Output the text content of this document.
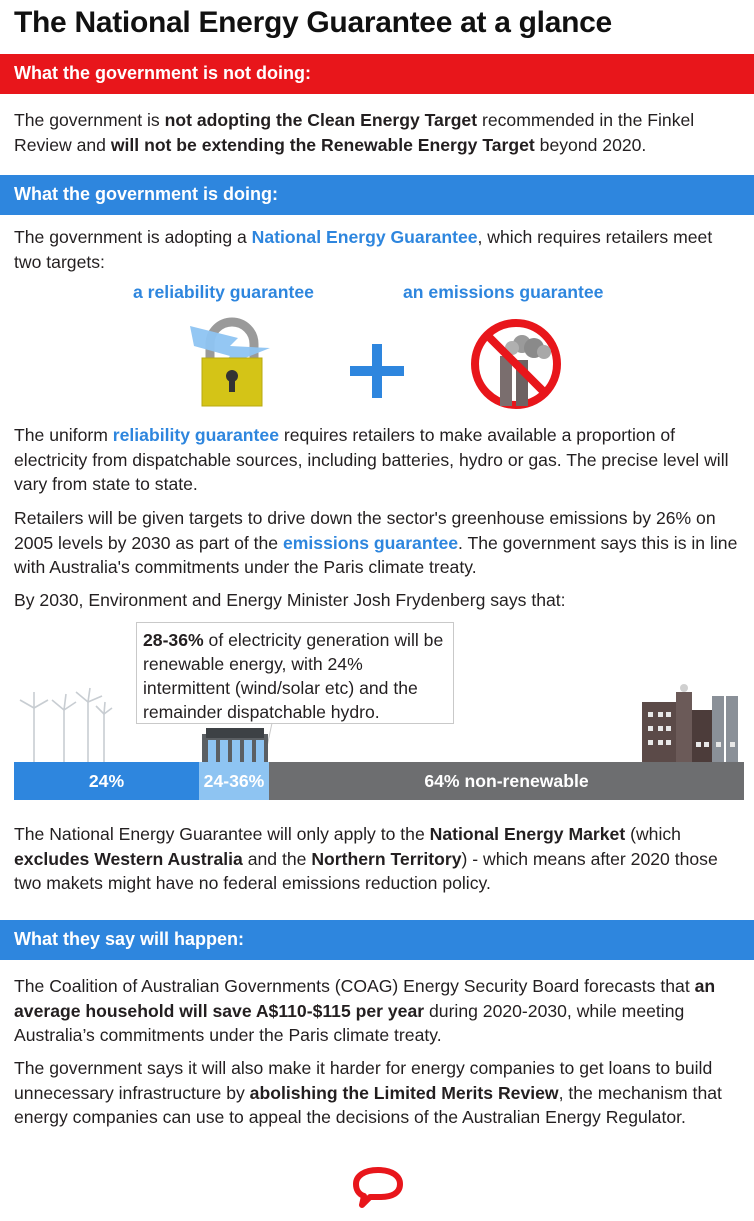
The National Energy Guarantee at a glance
What the government is not doing:

The government is not adopting the Clean Energy Target recommended in the Finkel Review and will not be extending the Renewable Energy Target beyond 2020.

What the government is doing:

The government is adopting a National Energy Guarantee, which requires retailers meet two targets:

a reliability guarantee	an emissions guarantee

The uniform reliability guarantee requires retailers to make available a proportion of electricity from dispatchable sources, including batteries, hydro or gas. The precise level will vary from state to state.

Retailers will be given targets to drive down the sector's greenhouse emissions by 26% on 2005 levels by 2030 as part of the emissions guarantee. The government says this is in line with Australia's commitments under the Paris climate treaty.

By 2030, Environment and Energy Minister Josh Frydenberg says that:

28-36% of electricity generation will be renewable energy, with 24% intermittent (wind/solar etc) and the remainder dispatchable hydro.
24%	24-36%	64% non-renewable

The National Energy Guarantee will only apply to the National Energy Market (which excludes Western Australia and the Northern Territory) - which means after 2020 those two makets might have no federal emissions reduction policy.

What they say will happen:

The Coalition of Australian Governments (COAG) Energy Security Board forecasts that an average household will save A$110-$115 per year during 2020-2030, while meeting Australia’s commitments under the Paris climate treaty.

The government says it will also make it harder for energy companies to get loans to build unnecessary infrastructure by abolishing the Limited Merits Review, the mechanism that energy companies can use to appeal the decisions of the Australian Energy Regulator.
